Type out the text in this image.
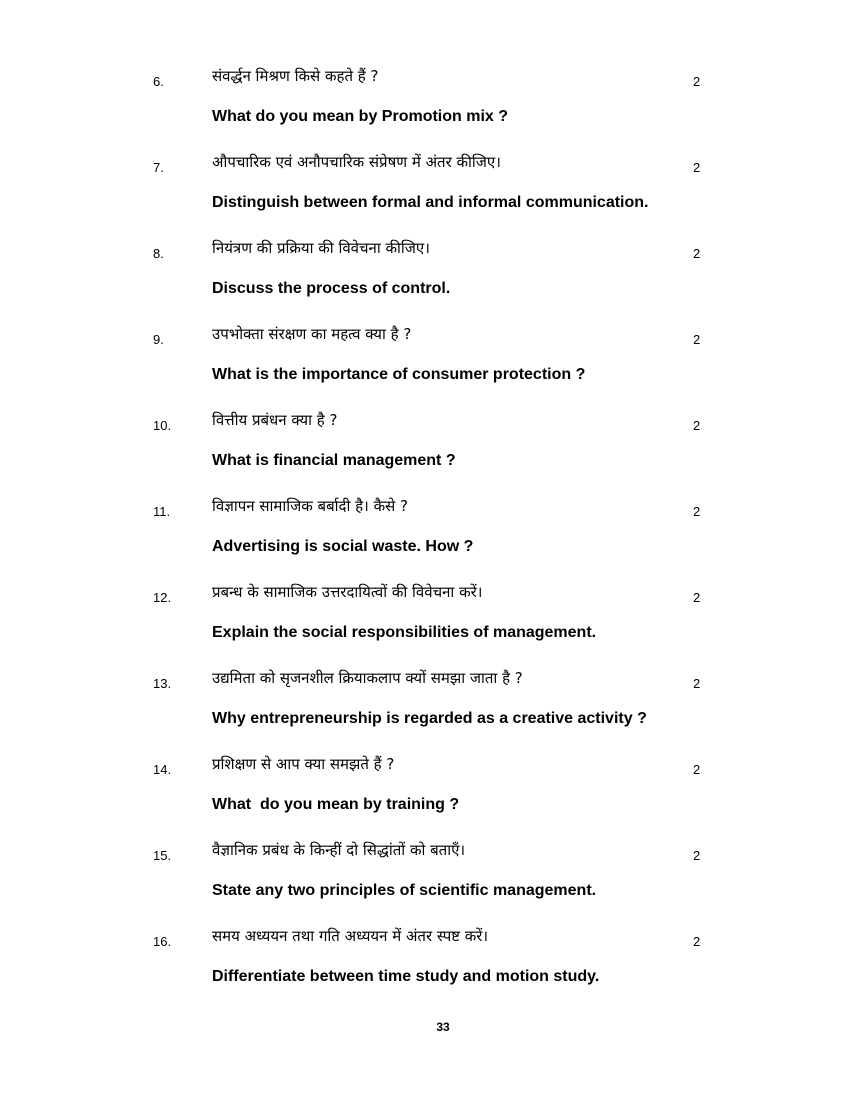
6.	संवर्द्धन मिश्रण किसे कहते हैं ?	2
What do you mean by Promotion mix ?
7.	औपचारिक एवं अनौपचारिक संप्रेषण में अंतर कीजिए।	2
Distinguish between formal and informal communication.
8.	नियंत्रण की प्रक्रिया की विवेचना कीजिए।	2
Discuss the process of control.
9.	उपभोक्ता संरक्षण का महत्व क्या है ?	2
What is the importance of consumer protection ?
10.	वित्तीय प्रबंधन क्या है ?	2
What is financial management ?
11.	विज्ञापन सामाजिक बर्बादी है। कैसे ?	2
Advertising is social waste. How ?
12.	प्रबन्ध के सामाजिक उत्तरदायित्वों की विवेचना करें।	2
Explain the social responsibilities of management.
13.	उद्यमिता को सृजनशील क्रियाकलाप क्यों समझा जाता है ?	2
Why entrepreneurship is regarded as a creative activity ?
14.	प्रशिक्षण से आप क्या समझते हैं ?	2
What  do you mean by training ?
15.	वैज्ञानिक प्रबंध के किन्हीं दो सिद्धांतों को बताएँ।	2
State any two principles of scientific management.
16.	समय अध्ययन तथा गति अध्ययन में अंतर स्पष्ट करें।	2
Differentiate between time study and motion study.
33
